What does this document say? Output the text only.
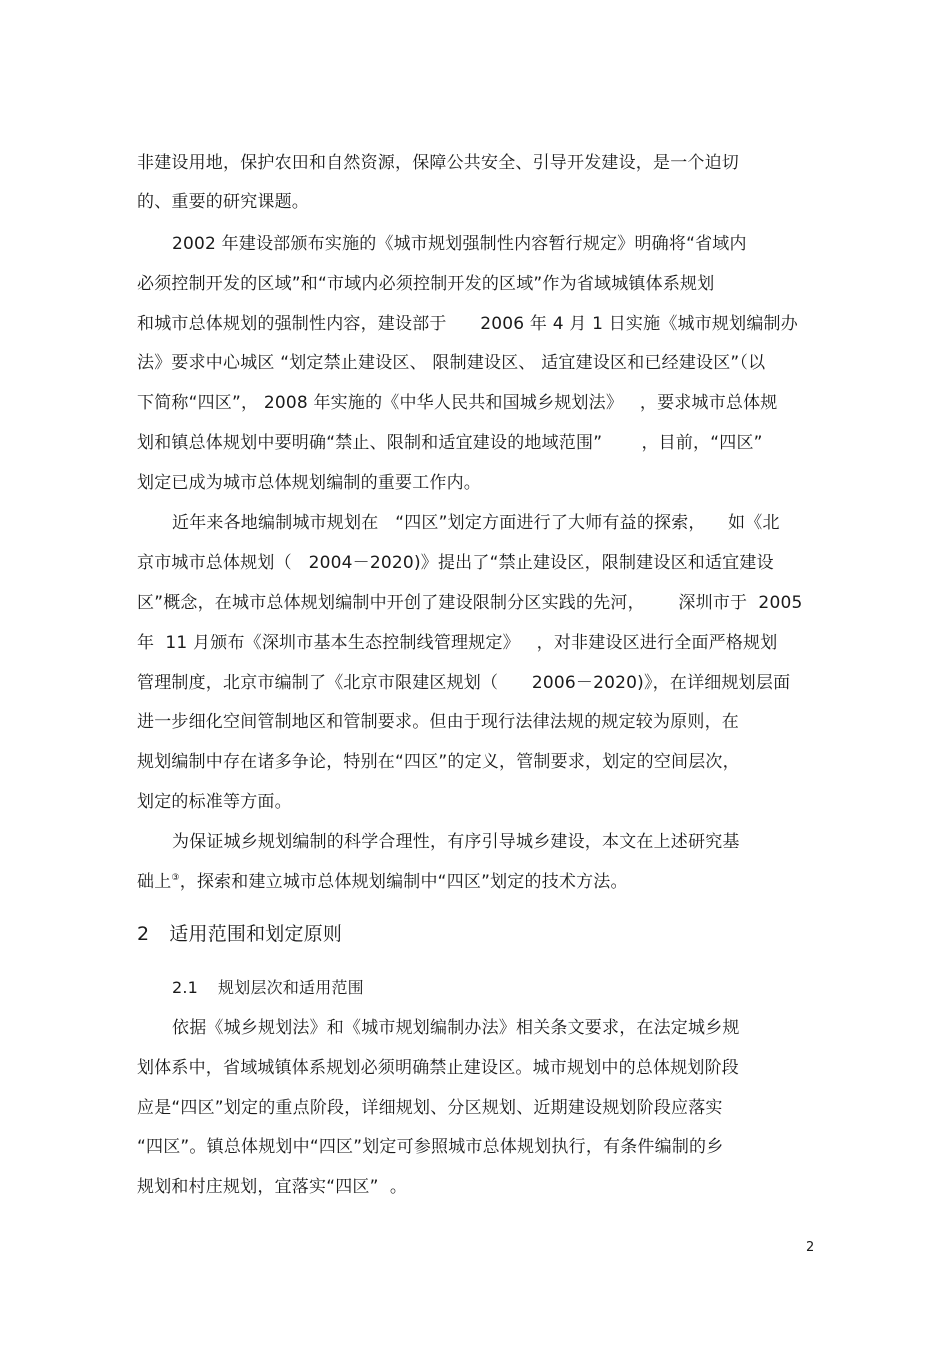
非建设用地，保护农田和自然资源，保障公共安全、引导开发建设，是一个迫切
的、重要的研究课题。
2002 年建设部颁布实施的《城市规划强制性内容暂行规定》明确将“省域内
必须控制开发的区域”和“市域内必须控制开发的区域”作为省域城镇体系规划
和城市总体规划的强制性内容，建设部于      2006 年 4 月 1 日实施《城市规划编制办
法》要求中心城区 “划定禁止建设区、 限制建设区、 适宜建设区和已经建设区”（以
下简称“四区”， 2008 年实施的《中华人民共和国城乡规划法》   ，要求城市总体规
划和镇总体规划中要明确“禁止、限制和适宜建设的地域范围”       ，目前，“四区”
划定已成为城市总体规划编制的重要工作内。
近年来各地编制城市规划在   “四区”划定方面进行了大师有益的探索，    如《北
京市城市总体规划（   2004－2020)》提出了“禁止建设区，限制建设区和适宜建设
区”概念，在城市总体规划编制中开创了建设限制分区实践的先河，      深圳市于  2005
年  11 月颁布《深圳市基本生态控制线管理规定》   ，对非建设区进行全面严格规划
管理制度，北京市编制了《北京市限建区规划（      2006－2020)》，在详细规划层面
进一步细化空间管制地区和管制要求。但由于现行法律法规的规定较为原则，在
规划编制中存在诸多争论，特别在“四区”的定义，管制要求，划定的空间层次，
划定的标准等方面。
为保证城乡规划编制的科学合理性，有序引导城乡建设，本文在上述研究基
础上③，探索和建立城市总体规划编制中“四区”划定的技术方法。
2 适用范围和划定原则
2.1 规划层次和适用范围
依据《城乡规划法》和《城市规划编制办法》相关条文要求，在法定城乡规
划体系中，省域城镇体系规划必须明确禁止建设区。城市规划中的总体规划阶段
应是“四区”划定的重点阶段，详细规划、分区规划、近期建设规划阶段应落实
“四区”。镇总体规划中“四区”划定可参照城市总体规划执行，有条件编制的乡
规划和村庄规划，宜落实“四区”  。
2
